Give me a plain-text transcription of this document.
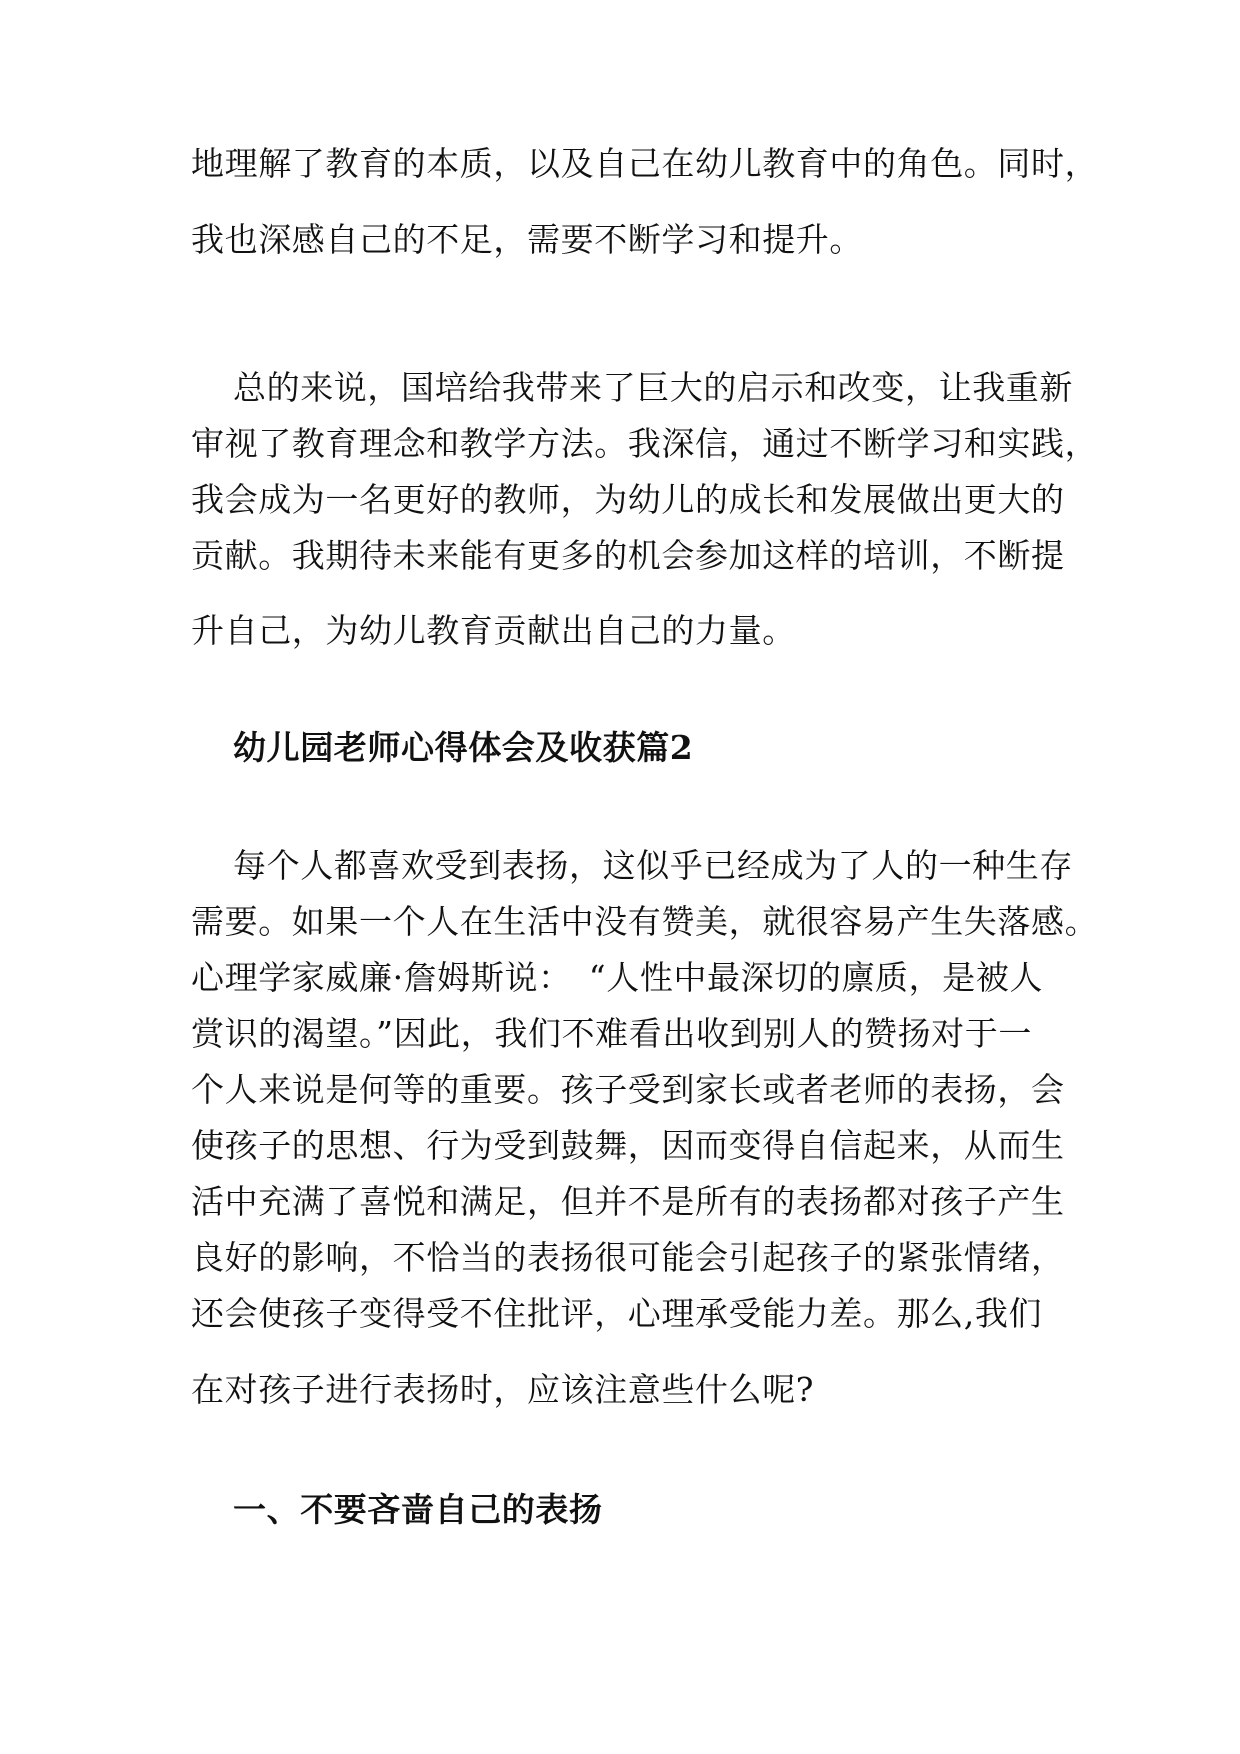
地理解了教育的本质，以及自己在幼儿教育中的角色。同时，
我也深感自己的不足，需要不断学习和提升。
总的来说，国培给我带来了巨大的启示和改变，让我重新
审视了教育理念和教学方法。我深信，通过不断学习和实践，
我会成为一名更好的教师，为幼儿的成长和发展做出更大的
贡献。我期待未来能有更多的机会参加这样的培训，不断提
升自己，为幼儿教育贡献出自己的力量。
幼儿园老师心得体会及收获篇2
每个人都喜欢受到表扬，这似乎已经成为了人的一种生存
需要。如果一个人在生活中没有赞美，就很容易产生失落感。
心理学家威廉·詹姆斯说：　“人性中最深切的廪质，是被人
赏识的渴望。”因此，我们不难看出收到别人的赞扬对于一
个人来说是何等的重要。孩子受到家长或者老师的表扬，会
使孩子的思想、行为受到鼓舞，因而变得自信起来，从而生
活中充满了喜悦和满足，但并不是所有的表扬都对孩子产生
良好的影响，不恰当的表扬很可能会引起孩子的紧张情绪，
还会使孩子变得受不住批评，心理承受能力差。那么,我们
在对孩子进行表扬时，应该注意些什么呢?
一、不要吝啬自己的表扬
